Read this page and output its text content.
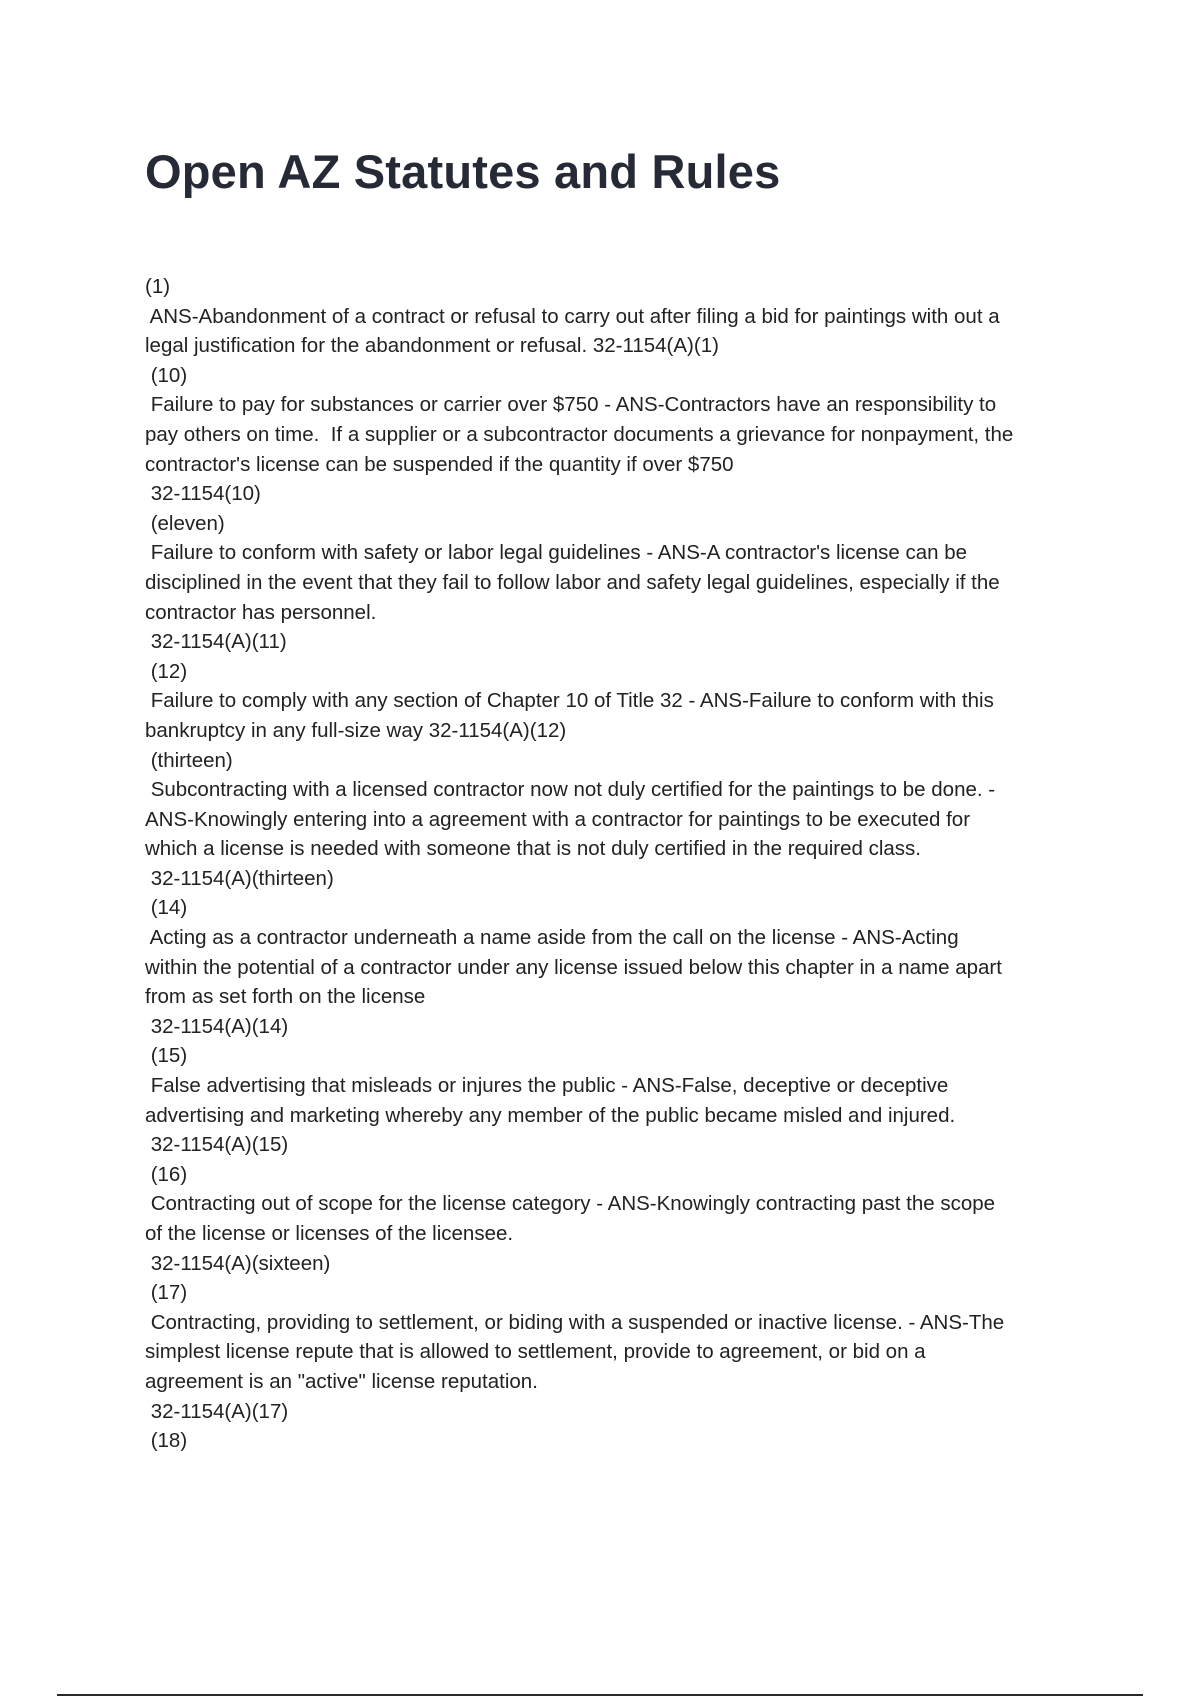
Open AZ Statutes and Rules
(1)
ANS-Abandonment of a contract or refusal to carry out after filing a bid for paintings with out a
legal justification for the abandonment or refusal. 32-1154(A)(1)
(10)
Failure to pay for substances or carrier over $750 - ANS-Contractors have an responsibility to
pay others on time.  If a supplier or a subcontractor documents a grievance for nonpayment, the
contractor's license can be suspended if the quantity if over $750
32-1154(10)
(eleven)
Failure to conform with safety or labor legal guidelines - ANS-A contractor's license can be
disciplined in the event that they fail to follow labor and safety legal guidelines, especially if the
contractor has personnel.
32-1154(A)(11)
(12)
Failure to comply with any section of Chapter 10 of Title 32 - ANS-Failure to conform with this
bankruptcy in any full-size way 32-1154(A)(12)
(thirteen)
Subcontracting with a licensed contractor now not duly certified for the paintings to be done. -
ANS-Knowingly entering into a agreement with a contractor for paintings to be executed for
which a license is needed with someone that is not duly certified in the required class.
32-1154(A)(thirteen)
(14)
Acting as a contractor underneath a name aside from the call on the license - ANS-Acting
within the potential of a contractor under any license issued below this chapter in a name apart
from as set forth on the license
32-1154(A)(14)
(15)
False advertising that misleads or injures the public - ANS-False, deceptive or deceptive
advertising and marketing whereby any member of the public became misled and injured.
32-1154(A)(15)
(16)
Contracting out of scope for the license category - ANS-Knowingly contracting past the scope
of the license or licenses of the licensee.
32-1154(A)(sixteen)
(17)
Contracting, providing to settlement, or biding with a suspended or inactive license. - ANS-The
simplest license repute that is allowed to settlement, provide to agreement, or bid on a
agreement is an "active" license reputation.
32-1154(A)(17)
(18)
